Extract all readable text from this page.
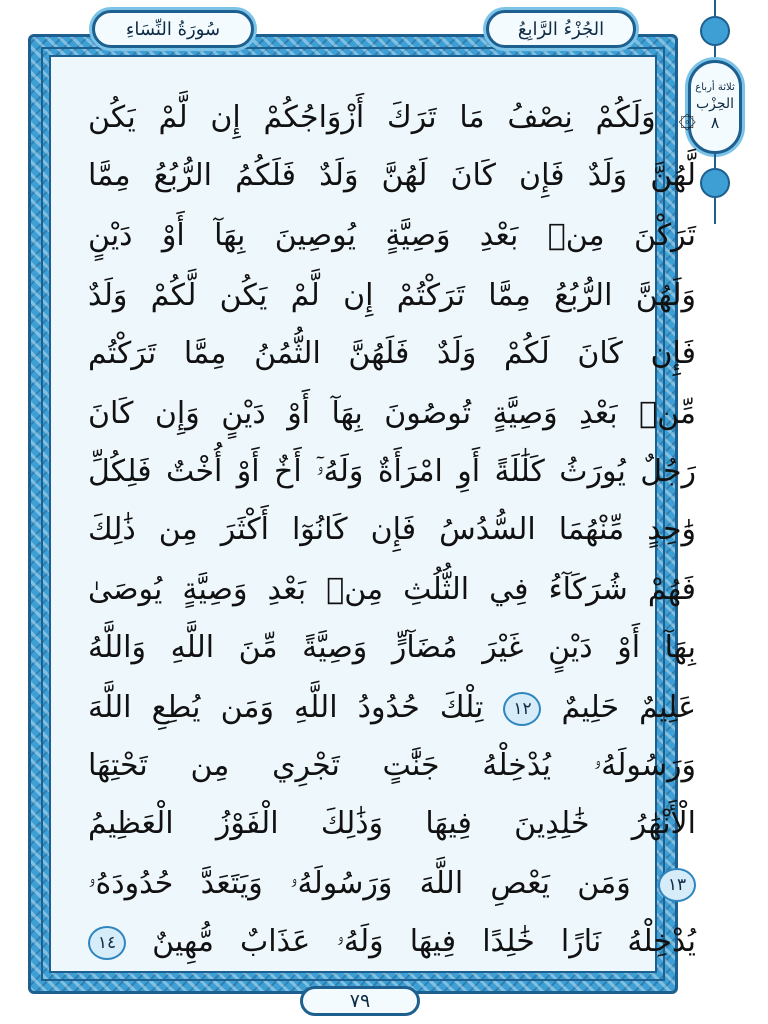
سُورَةُ النِّسَاءِ	الجُزْءُ الرَّابِعُ
ثلاثة أرباع
الحِزْب
٨
۞ وَلَكُمْ نِصْفُ مَا تَرَكَ أَزْوَاجُكُمْ إِن لَّمْ يَكُن
لَّهُنَّ وَلَدٌ فَإِن كَانَ لَهُنَّ وَلَدٌ فَلَكُمُ الرُّبُعُ مِمَّا
تَرَكْنَ مِنۢ بَعْدِ وَصِيَّةٍ يُوصِينَ بِهَآ أَوْ دَيْنٍ
وَلَهُنَّ الرُّبُعُ مِمَّا تَرَكْتُمْ إِن لَّمْ يَكُن لَّكُمْ وَلَدٌ
فَإِن كَانَ لَكُمْ وَلَدٌ فَلَهُنَّ الثُّمُنُ مِمَّا تَرَكْتُم
مِّنۢ بَعْدِ وَصِيَّةٍ تُوصُونَ بِهَآ أَوْ دَيْنٍ وَإِن كَانَ
رَجُلٌ يُورَثُ كَلَٰلَةً أَوِ امْرَأَةٌ وَلَهُۥٓ أَخٌ أَوْ أُخْتٌ فَلِكُلِّ
وَٰحِدٍ مِّنْهُمَا السُّدُسُ فَإِن كَانُوٓا أَكْثَرَ مِن ذَٰلِكَ
فَهُمْ شُرَكَآءُ فِي الثُّلُثِ مِنۢ بَعْدِ وَصِيَّةٍ يُوصَىٰ
بِهَآ أَوْ دَيْنٍ غَيْرَ مُضَآرٍّ وَصِيَّةً مِّنَ اللَّهِ وَاللَّهُ
عَلِيمٌ حَلِيمٌ ١٢ تِلْكَ حُدُودُ اللَّهِ وَمَن يُطِعِ اللَّهَ
وَرَسُولَهُۥ يُدْخِلْهُ جَنَّٰتٍ تَجْرِي مِن تَحْتِهَا
الْأَنْهَٰرُ خَٰلِدِينَ فِيهَا وَذَٰلِكَ الْفَوْزُ الْعَظِيمُ
١٣ وَمَن يَعْصِ اللَّهَ وَرَسُولَهُۥ وَيَتَعَدَّ حُدُودَهُۥ
يُدْخِلْهُ نَارًا خَٰلِدًا فِيهَا وَلَهُۥ عَذَابٌ مُّهِينٌ ١٤
٧٩
